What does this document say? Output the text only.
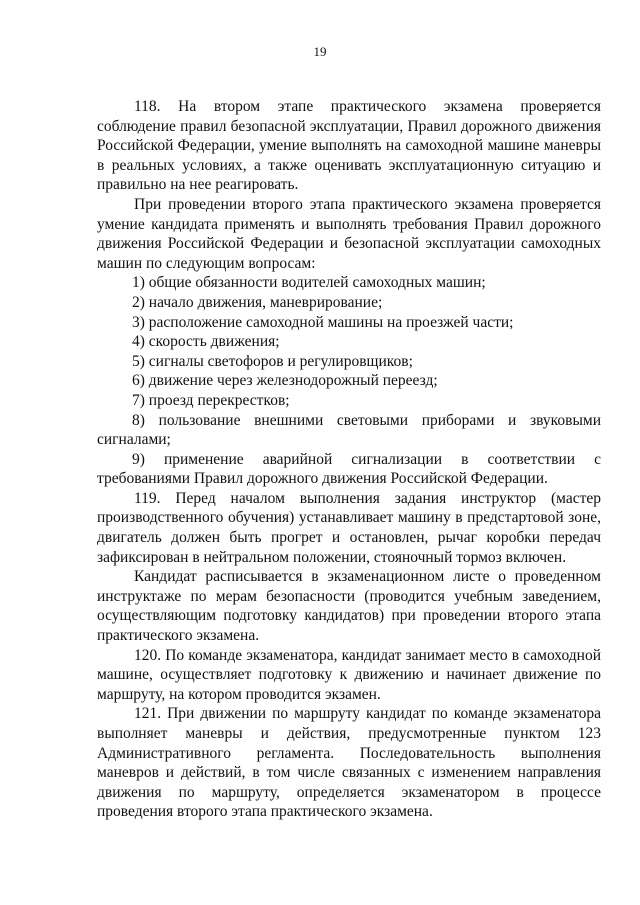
19

118. На втором этапе практического экзамена проверяется соблюдение правил безопасной эксплуатации, Правил дорожного движения Российской Федерации, умение выполнять на самоходной машине маневры в реальных условиях, а также оценивать эксплуатационную ситуацию и правильно на нее реагировать.

При проведении второго этапа практического экзамена проверяется умение кандидата применять и выполнять требования Правил дорожного движения Российской Федерации и безопасной эксплуатации самоходных машин по следующим вопросам:

1) общие обязанности водителей самоходных машин;

2) начало движения, маневрирование;

3) расположение самоходной машины на проезжей части;

4) скорость движения;

5) сигналы светофоров и регулировщиков;

6) движение через железнодорожный переезд;

7) проезд перекрестков;

8) пользование внешними световыми приборами и звуковыми сигналами;

9) применение аварийной сигнализации в соответствии с требованиями Правил дорожного движения Российской Федерации.

119. Перед началом выполнения задания инструктор (мастер производственного обучения) устанавливает машину в предстартовой зоне, двигатель должен быть прогрет и остановлен, рычаг коробки передач зафиксирован в нейтральном положении, стояночный тормоз включен.

Кандидат расписывается в экзаменационном листе о проведенном инструктаже по мерам безопасности (проводится учебным заведением, осуществляющим подготовку кандидатов) при проведении второго этапа практического экзамена.

120. По команде экзаменатора, кандидат занимает место в самоходной машине, осуществляет подготовку к движению и начинает движение по маршруту, на котором проводится экзамен.

121. При движении по маршруту кандидат по команде экзаменатора выполняет маневры и действия, предусмотренные пунктом 123 Административного регламента. Последовательность выполнения маневров и действий, в том числе связанных с изменением направления движения по маршруту, определяется экзаменатором в процессе проведения второго этапа практического экзамена.
